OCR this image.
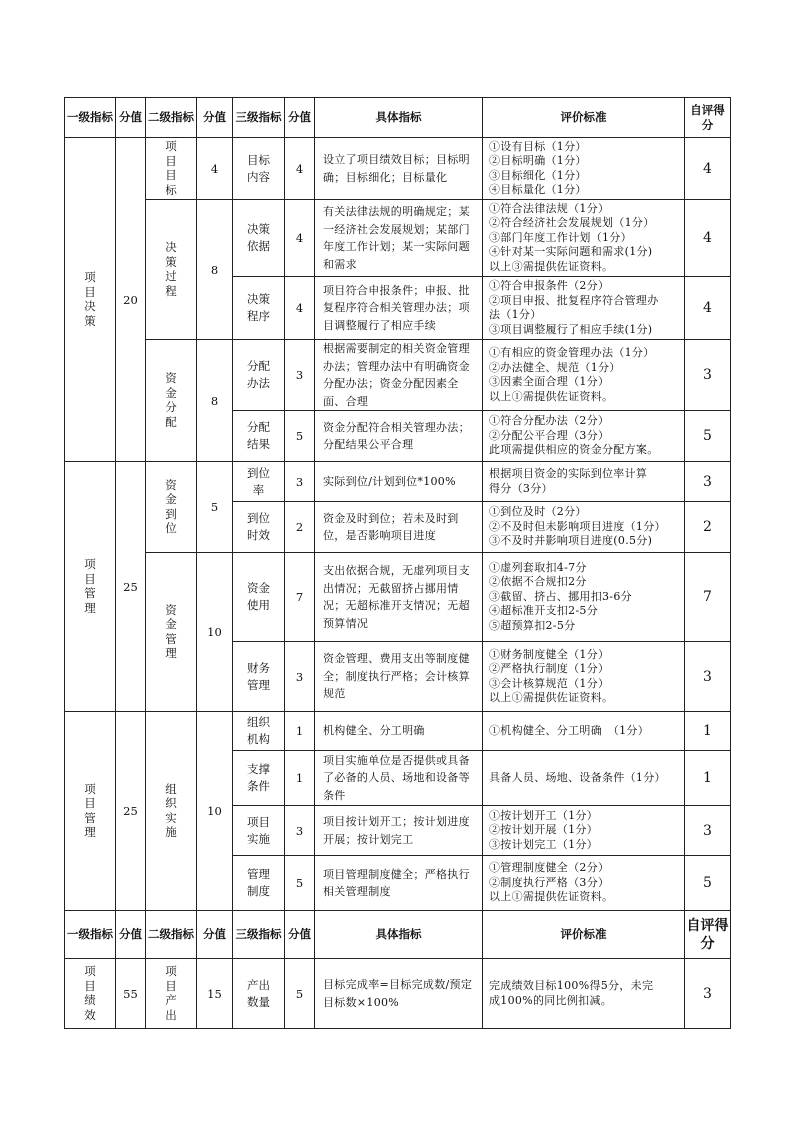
一级指标	分值	二级指标	分值	三级指标	分值	具体指标	评价标准	自评得分
项目决策	20	项目目标	4	目标内容	4	设立了项目绩效目标；目标明确；目标细化；目标量化	①设有目标（1分）
②目标明确（1分）
③目标细化（1分）
④目标量化（1分）	4
		决策过程	8	决策依据	4	有关法律法规的明确规定；某一经济社会发展规划；某部门年度工作计划；某一实际问题和需求	①符合法律法规（1分）
②符合经济社会发展规划（1分）
③部门年度工作计划（1分）
④针对某一实际问题和需求(1分)
以上③需提供佐证资料。	4
				决策程序	4	项目符合申报条件；申报、批复程序符合相关管理办法；项目调整履行了相应手续	①符合申报条件（2分）
②项目申报、批复程序符合管理办
法（1分）
③项目调整履行了相应手续(1分)	4
		资金分配	8	分配办法	3	根据需要制定的相关资金管理办法；管理办法中有明确资金分配办法；资金分配因素全面、合理	①有相应的资金管理办法（1分）
②办法健全、规范（1分）
③因素全面合理（1分）
以上①需提供佐证资料。	3
				分配结果	5	资金分配符合相关管理办法；分配结果公平合理	①符合分配办法（2分）
②分配公平合理（3分）
此项需提供相应的资金分配方案。	5
项目管理	25	资金到位	5	到位率	3	实际到位/计划到位*100%	根据项目资金的实际到位率计算
得分（3分）	3
				到位时效	2	资金及时到位；若未及时到位，是否影响项目进度	①到位及时（2分）
②不及时但未影响项目进度（1分）
③不及时并影响项目进度(0.5分)	2
		资金管理	10	资金使用	7	支出依据合规，无虚列项目支出情况；无截留挤占挪用情况；无超标准开支情况；无超预算情况	①虚列套取扣4-7分
②依据不合规扣2分
③截留、挤占、挪用扣3-6分
④超标准开支扣2-5分
⑤超预算扣2-5分	7
				财务管理	3	资金管理、费用支出等制度健全；制度执行严格；会计核算规范	①财务制度健全（1分）
②严格执行制度（1分）
③会计核算规范（1分）
以上①需提供佐证资料。	3
项目管理	25	组织实施	10	组织机构	1	机构健全、分工明确	①机构健全、分工明确　（1分）	1
				支撑条件	1	项目实施单位是否提供或具备了必备的人员、场地和设备等条件	具备人员、场地、设备条件（1分）	1
				项目实施	3	项目按计划开工；按计划进度开展；按计划完工	①按计划开工（1分）
②按计划开展（1分）
③按计划完工（1分）	3
				管理制度	5	项目管理制度健全；严格执行相关管理制度	①管理制度健全（2分）
②制度执行严格（3分）
以上①需提供佐证资料。	5
一级指标	分值	二级指标	分值	三级指标	分值	具体指标	评价标准	自评得分
项目绩效	55	项目产出	15	产出数量	5	目标完成率=目标完成数/预定目标数×100%	完成绩效目标100%得5分，未完
成100%的同比例扣减。	3
